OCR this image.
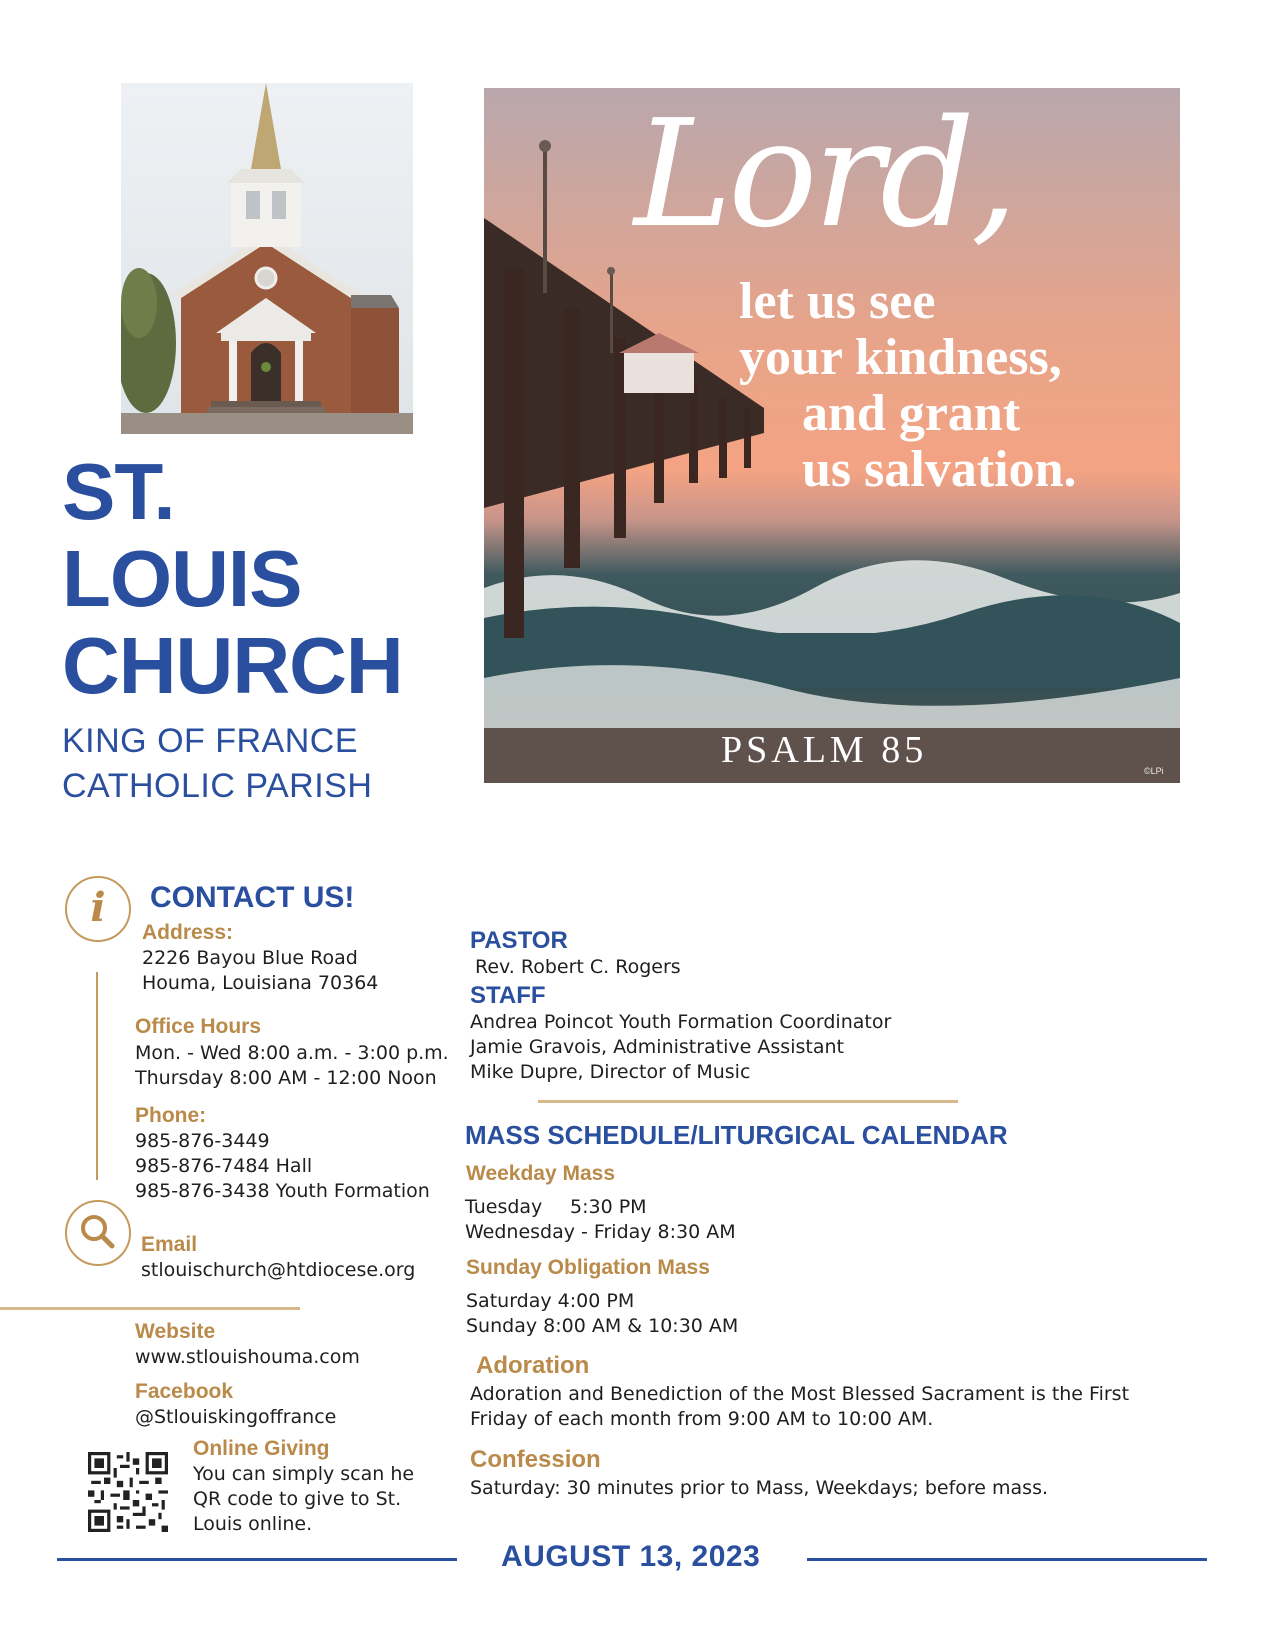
Lord,
let us see
your kindness,
and grant
us salvation.
PSALM 85	©LPi
ST.
LOUIS
CHURCH
KING OF FRANCE
CATHOLIC PARISH
i	CONTACT US!
Address:
2226 Bayou Blue Road
Houma, Louisiana 70364
Office Hours
Mon. - Wed 8:00 a.m. - 3:00 p.m.
Thursday 8:00 AM - 12:00 Noon
Phone:
985-876-3449
985-876-7484 Hall
985-876-3438 Youth Formation
Email
stlouischurch@htdiocese.org
Website
www.stlouishouma.com
Facebook
@Stlouiskingoffrance
Online Giving
You can simply scan he
QR code to give to St.
Louis online.
PASTOR
Rev. Robert C. Rogers
STAFF
Andrea Poincot Youth Formation Coordinator
Jamie Gravois, Administrative Assistant
Mike Dupre, Director of Music
MASS SCHEDULE/LITURGICAL CALENDAR
Weekday Mass
Tuesday 5:30 PM
Wednesday - Friday 8:30 AM
Sunday Obligation Mass
Saturday 4:00 PM
Sunday 8:00 AM & 10:30 AM
Adoration
Adoration and Benediction of the Most Blessed Sacrament is the First
Friday of each month from 9:00 AM to 10:00 AM.
Confession
Saturday: 30 minutes prior to Mass, Weekdays; before mass.
AUGUST 13, 2023
